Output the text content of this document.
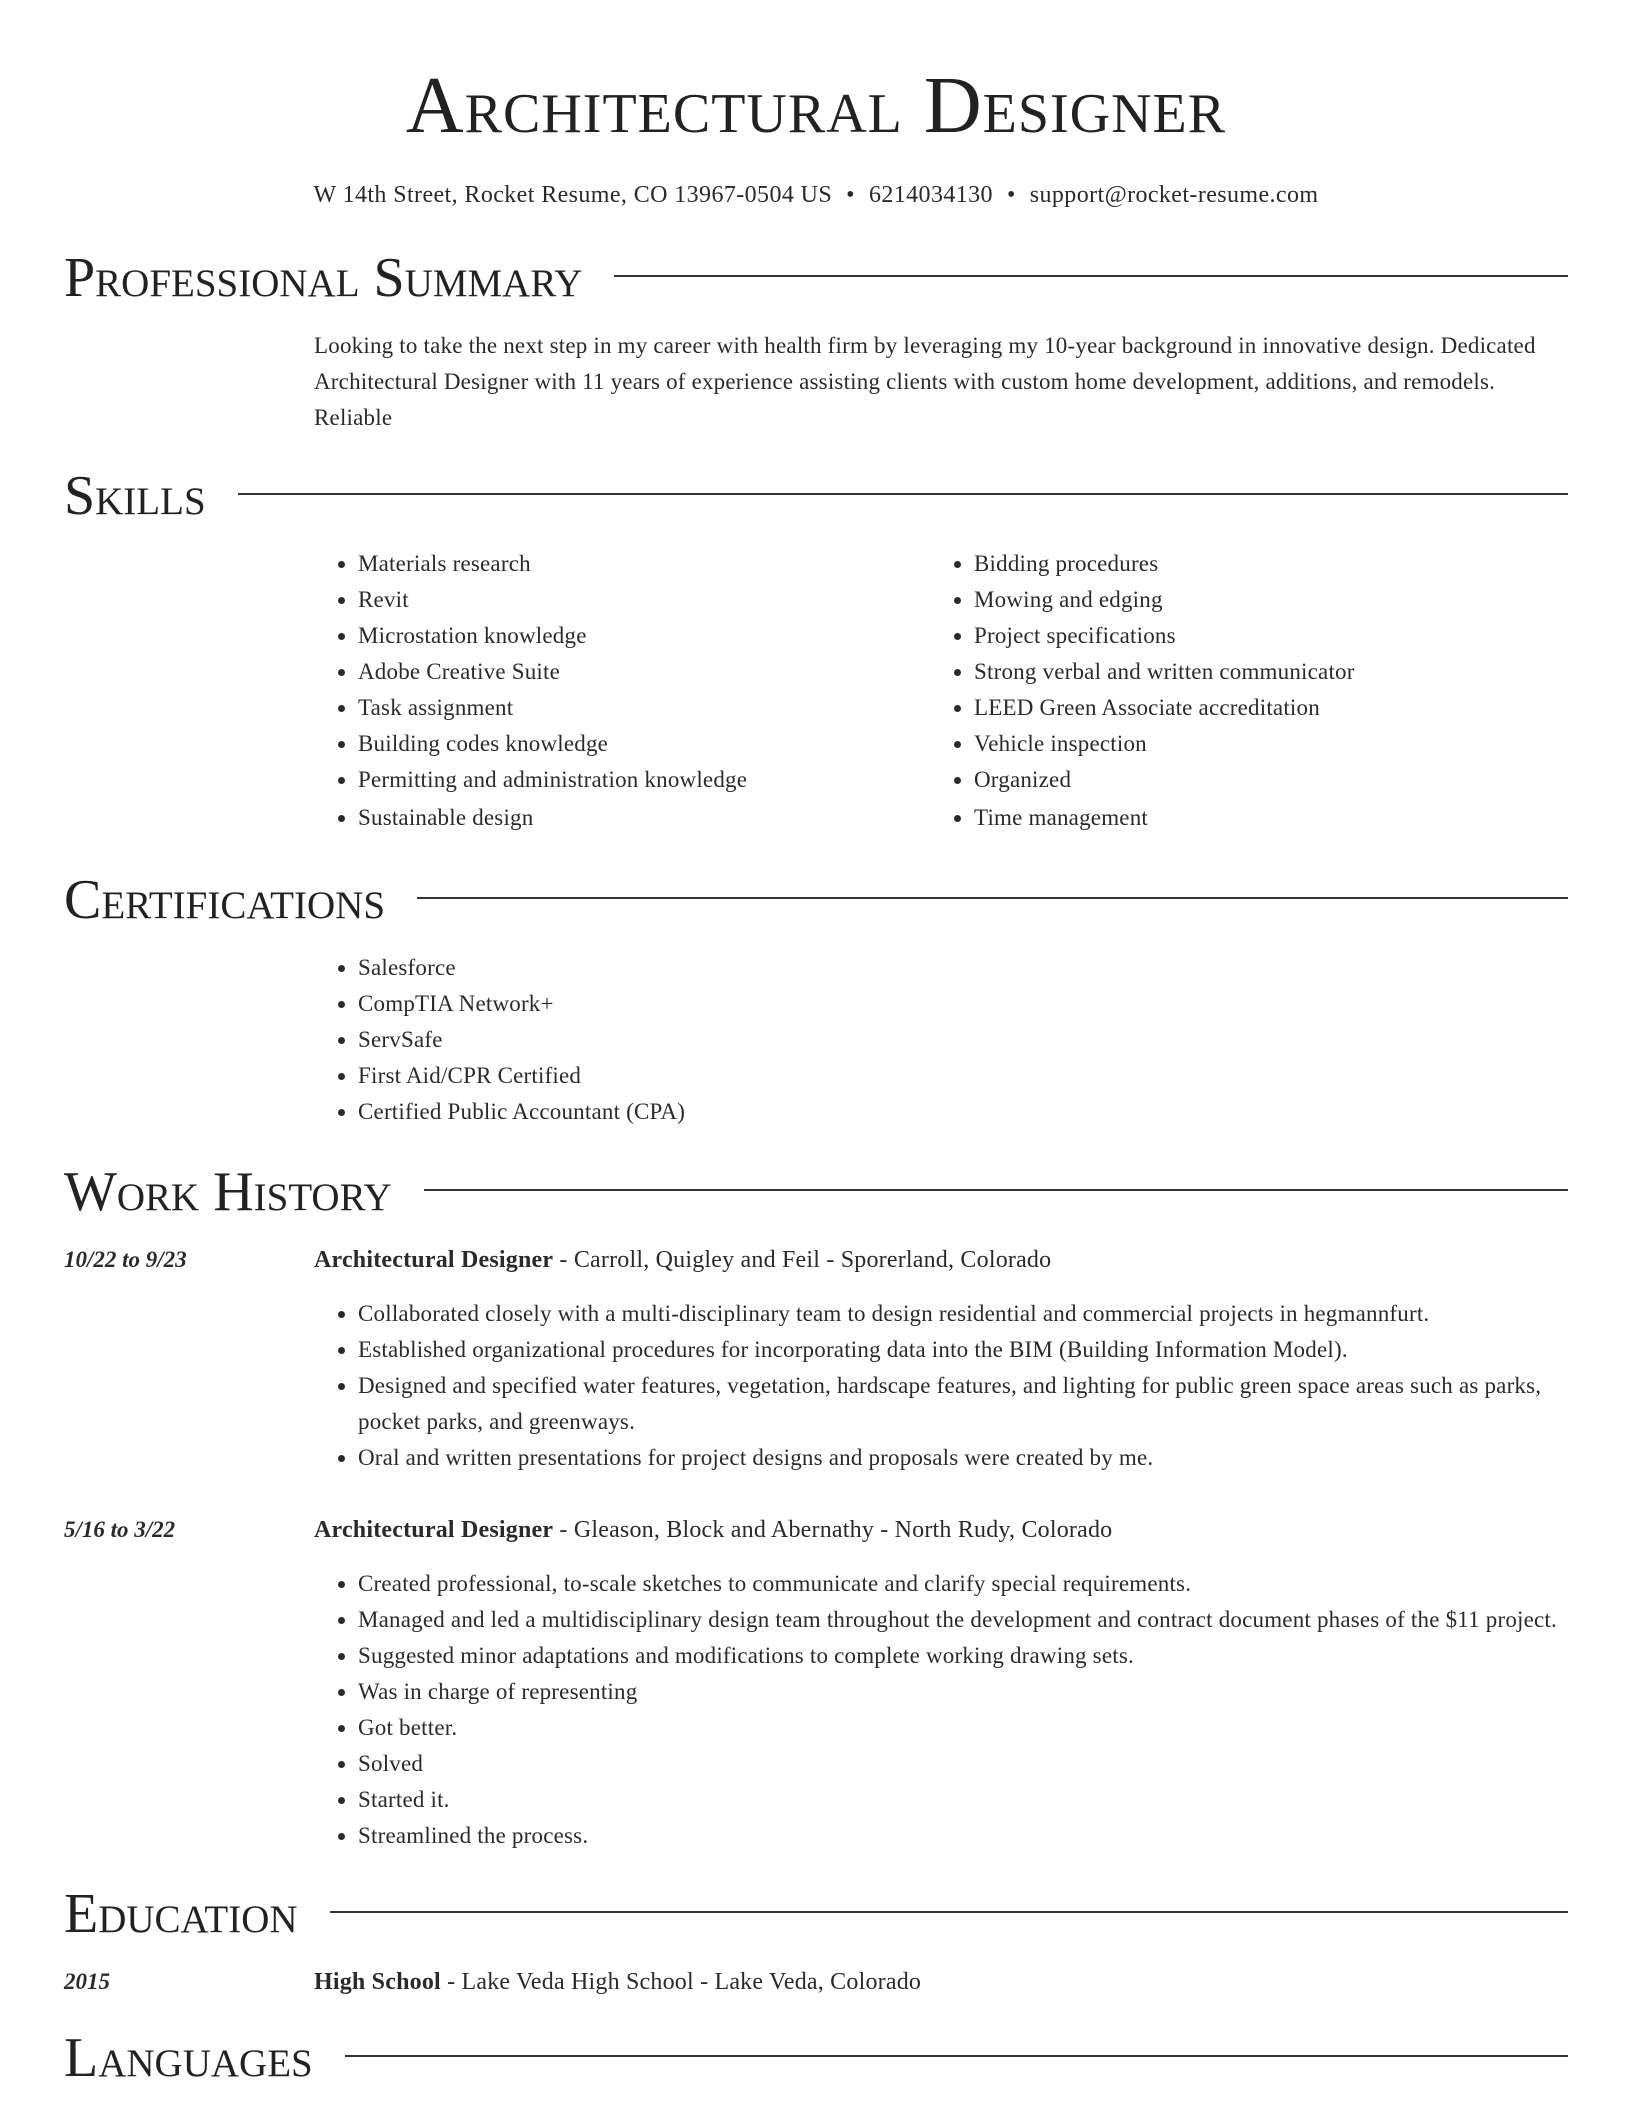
Architectural Designer
W 14th Street, Rocket Resume, CO 13967-0504 US • 6214034130 • support@rocket-resume.com
Professional Summary
Looking to take the next step in my career with health firm by leveraging my 10-year background in innovative design. Dedicated Architectural Designer with 11 years of experience assisting clients with custom home development, additions, and remodels. Reliable
Skills
• Materials research
• Revit
• Microstation knowledge
• Adobe Creative Suite
• Task assignment
• Building codes knowledge
• Permitting and administration knowledge
• Sustainable design
• Bidding procedures
• Mowing and edging
• Project specifications
• Strong verbal and written communicator
• LEED Green Associate accreditation
• Vehicle inspection
• Organized
• Time management
Certifications
• Salesforce
• CompTIA Network+
• ServSafe
• First Aid/CPR Certified
• Certified Public Accountant (CPA)
Work History
10/22 to 9/23	Architectural Designer - Carroll, Quigley and Feil - Sporerland, Colorado
• Collaborated closely with a multi-disciplinary team to design residential and commercial projects in hegmannfurt.
• Established organizational procedures for incorporating data into the BIM (Building Information Model).
• Designed and specified water features, vegetation, hardscape features, and lighting for public green space areas such as parks, pocket parks, and greenways.
• Oral and written presentations for project designs and proposals were created by me.
5/16 to 3/22	Architectural Designer - Gleason, Block and Abernathy - North Rudy, Colorado
• Created professional, to-scale sketches to communicate and clarify special requirements.
• Managed and led a multidisciplinary design team throughout the development and contract document phases of the $11 project.
• Suggested minor adaptations and modifications to complete working drawing sets.
• Was in charge of representing
• Got better.
• Solved
• Started it.
• Streamlined the process.
Education
2015	High School - Lake Veda High School - Lake Veda, Colorado
Languages
